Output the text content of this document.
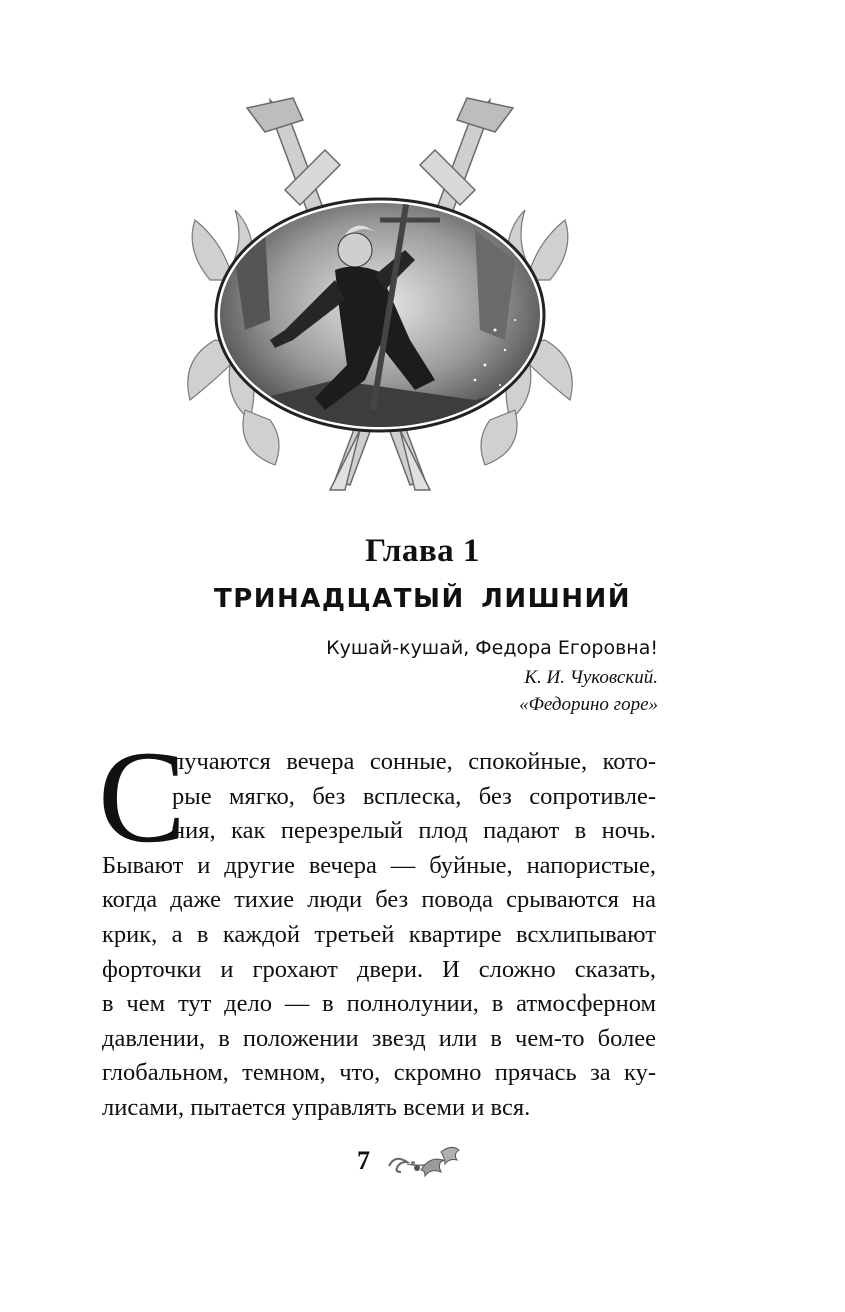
Глава 1
ТРИНАДЦАТЫЙ ЛИШНИЙ
Кушай-кушай, Федора Егоровна!
К. И. Чуковский.
«Федорино горе»
С
лучаются вечера сонные, спокойные, кото-
рые мягко, без всплеска, без сопротивле-
ния, как перезрелый плод падают в ночь.
Бывают и другие вечера — буйные, напористые,
когда даже тихие люди без повода срываются на
крик, а в каждой третьей квартире всхлипывают
форточки и грохают двери. И сложно сказать,
в чем тут дело — в полнолунии, в атмосферном
давлении, в положении звезд или в чем-то более
глобальном, темном, что, скромно прячась за ку-
лисами, пытается управлять всеми и вся.
7
